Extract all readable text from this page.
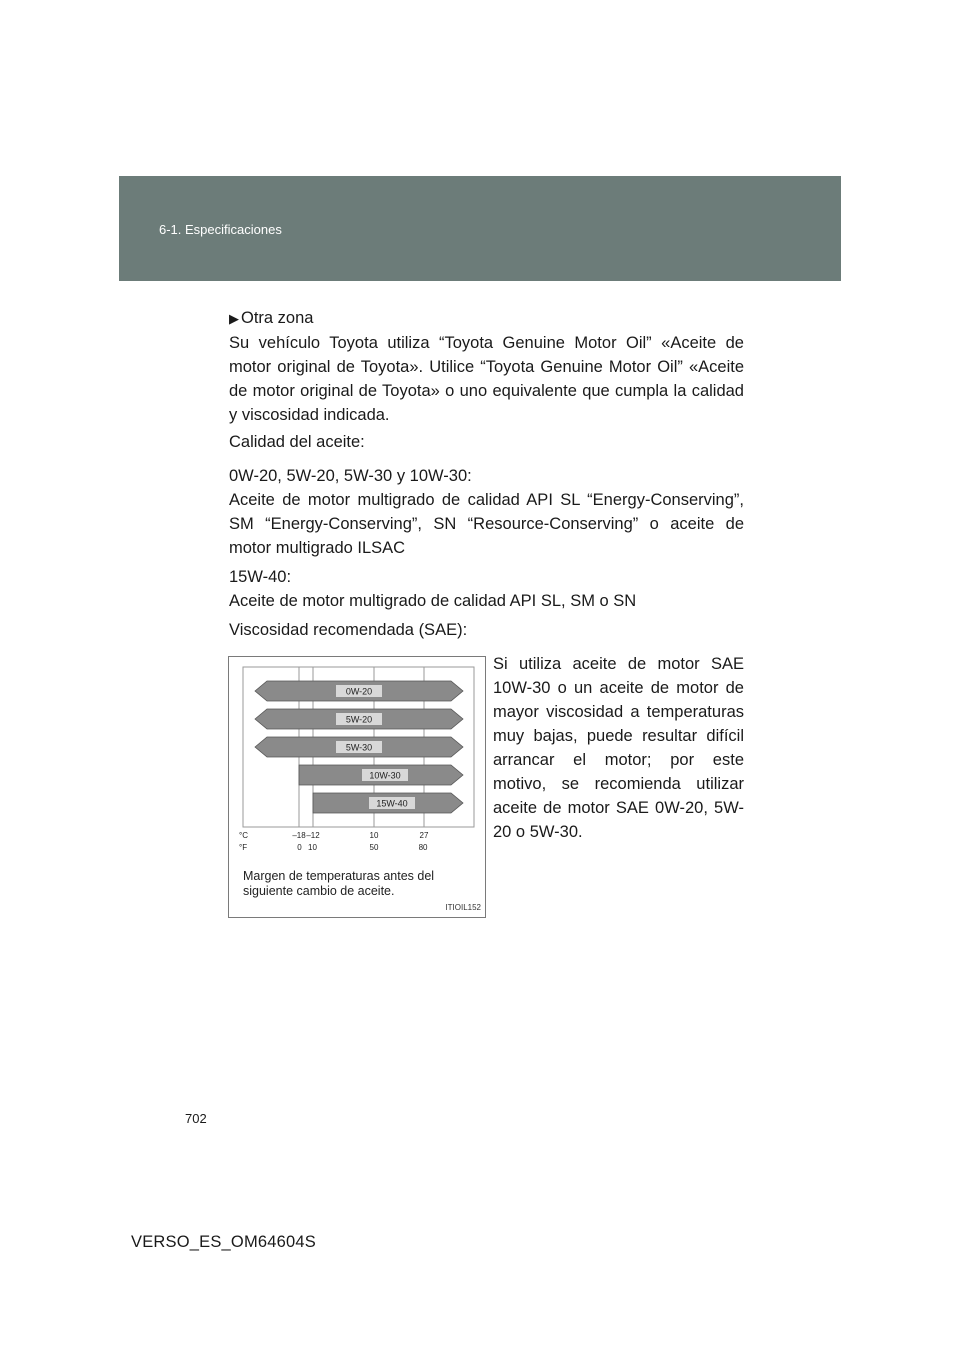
6-1. Especificaciones
▶ Otra zona
Su vehículo Toyota utiliza “Toyota Genuine Motor Oil” «Aceite de motor original de Toyota». Utilice “Toyota Genuine Motor Oil” «Aceite de motor original de Toyota» o uno equivalente que cumpla la calidad y viscosidad indicada.
Calidad del aceite:
0W-20, 5W-20, 5W-30 y 10W-30:
Aceite de motor multigrado de calidad API SL “Energy-Conserving”, SM “Energy-Conserving”, SN “Resource-Conserving” o aceite de motor multigrado ILSAC
15W-40:
Aceite de motor multigrado de calidad API SL, SM o SN
Viscosidad recomendada (SAE):
Si utiliza aceite de motor SAE 10W-30 o un aceite de motor de mayor viscosidad a temperaturas muy bajas, puede resultar difícil arrancar el motor; por este motivo, se recomienda utilizar aceite de motor SAE 0W-20, 5W-20 o 5W-30.
0W-20
5W-20
5W-30
10W-30
15W-40
°C
°F
–18 –12	10	27
0 10	50	80
Margen de temperaturas antes del siguiente cambio de aceite.
ITIOIL152
702
VERSO_ES_OM64604S
